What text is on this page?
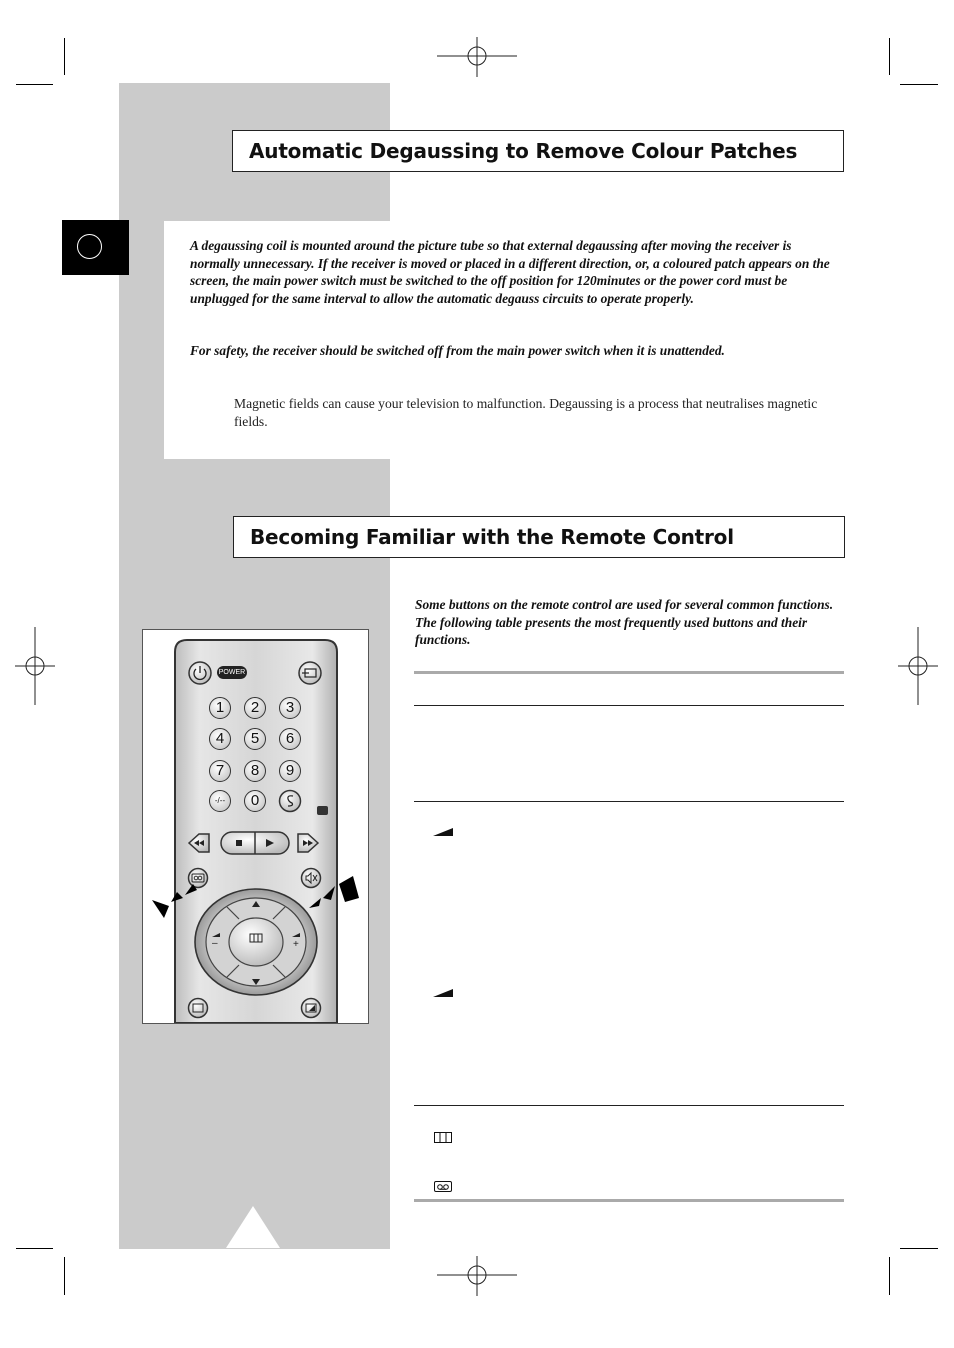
Automatic Degaussing to Remove Colour Patches
A degaussing coil is mounted around the picture tube so that external degaussing after moving the receiver is normally unnecessary. If the receiver is moved or placed in a different direction, or, a coloured patch appears on the screen, the main power switch must be switched to the off position for 120minutes or the power cord must be unplugged for the same interval to allow the automatic degauss circuits to operate properly.
For safety, the receiver should be switched off from the main power switch when it is unattended.
Magnetic fields can cause your television to malfunction. Degaussing is a process that neutralises magnetic fields.
Becoming Familiar with the Remote Control
Some buttons on the remote control are used for several common functions. The following table presents the most frequently used buttons and their functions.
POWER
1	2	3
4	5	6
7	8	9
-/--	0
–	+
